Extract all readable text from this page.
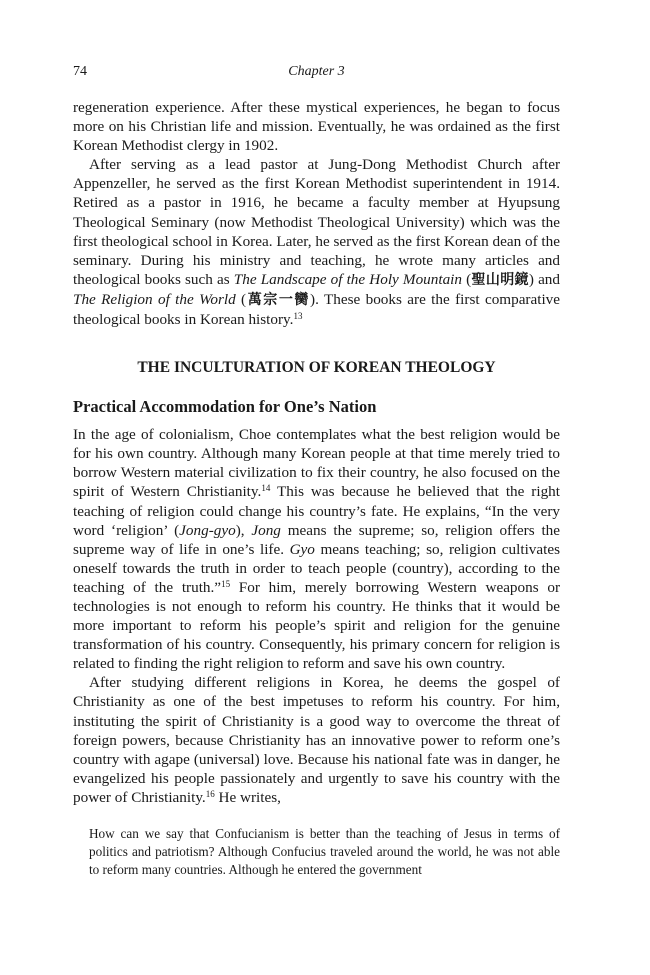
74	Chapter 3

regeneration experience. After these mystical experiences, he began to focus more on his Christian life and mission. Eventually, he was ordained as the first Korean Methodist clergy in 1902.

After serving as a lead pastor at Jung-Dong Methodist Church after Appenzeller, he served as the first Korean Methodist superintendent in 1914. Retired as a pastor in 1916, he became a faculty member at Hyupsung Theological Seminary (now Methodist Theological University) which was the first theological school in Korea. Later, he served as the first Korean dean of the seminary. During his ministry and teaching, he wrote many articles and theological books such as The Landscape of the Holy Mountain (聖山明鏡) and The Religion of the World (萬宗一臠). These books are the first comparative theological books in Korean history.$^{13}$

THE INCULTURATION OF KOREAN THEOLOGY
Practical Accommodation for One’s Nation

In the age of colonialism, Choe contemplates what the best religion would be for his own country. Although many Korean people at that time merely tried to borrow Western material civilization to fix their country, he also focused on the spirit of Western Christianity.$^{14}$ This was because he believed that the right teaching of religion could change his country’s fate. He explains, “In the very word ‘religion’ (Jong-gyo), Jong means the supreme; so, religion offers the supreme way of life in one’s life. Gyo means teaching; so, religion cultivates oneself towards the truth in order to teach people (country), according to the teaching of the truth.”$^{15}$ For him, merely borrowing Western weapons or technologies is not enough to reform his country. He thinks that it would be more important to reform his people’s spirit and religion for the genuine transformation of his country. Consequently, his primary concern for religion is related to finding the right religion to reform and save his own country.

After studying different religions in Korea, he deems the gospel of Christianity as one of the best impetuses to reform his country. For him, instituting the spirit of Christianity is a good way to overcome the threat of foreign powers, because Christianity has an innovative power to reform one’s country with agape (universal) love. Because his national fate was in danger, he evangelized his people passionately and urgently to save his country with the power of Christianity.$^{16}$ He writes,

How can we say that Confucianism is better than the teaching of Jesus in terms of politics and patriotism? Although Confucius traveled around the world, he was not able to reform many countries. Although he entered the government
